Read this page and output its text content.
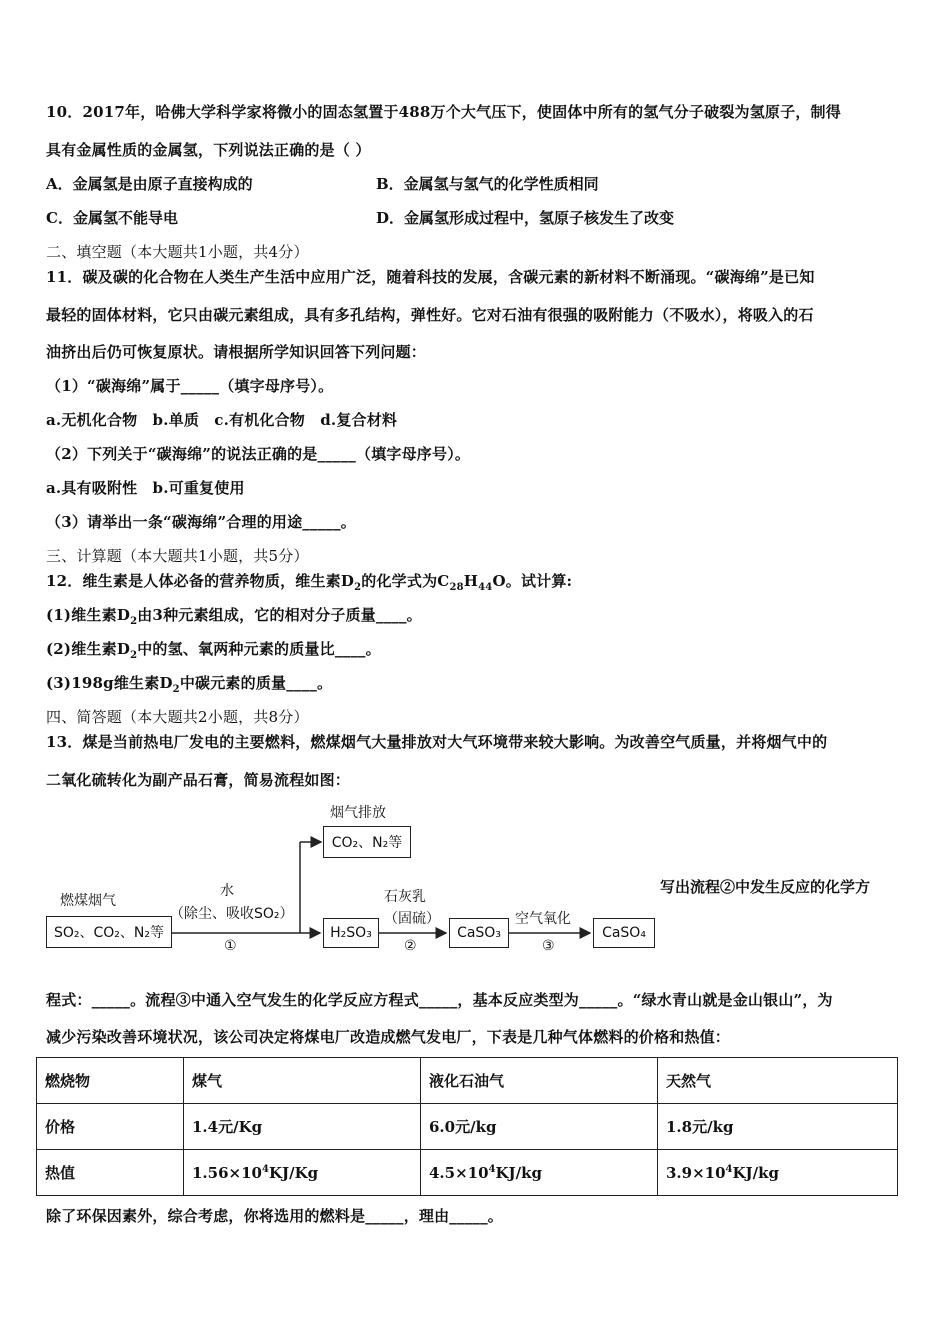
10．2017年，哈佛大学科学家将微小的固态氢置于488万个大气压下，使固体中所有的氢气分子破裂为氢原子，制得
具有金属性质的金属氢，下列说法正确的是（ ）
A．金属氢是由原子直接构成的	B．金属氢与氢气的化学性质相同
C．金属氢不能导电	D．金属氢形成过程中，氢原子核发生了改变
二、填空题（本大题共1小题，共4分）
11．碳及碳的化合物在人类生产生活中应用广泛，随着科技的发展，含碳元素的新材料不断涌现。“碳海绵”是已知
最轻的固体材料，它只由碳元素组成，具有多孔结构，弹性好。它对石油有很强的吸附能力（不吸水），将吸入的石
油挤出后仍可恢复原状。请根据所学知识回答下列问题：
（1）“碳海绵”属于_____（填字母序号）。
a.无机化合物　b.单质　c.有机化合物　d.复合材料
（2）下列关于“碳海绵”的说法正确的是_____（填字母序号）。
a.具有吸附性　b.可重复使用
（3）请举出一条“碳海绵”合理的用途_____。
三、计算题（本大题共1小题，共5分）
12．维生素是人体必备的营养物质，维生素$D_2$的化学式为$C_{28}H_{44}O$。试计算:
(1)维生素$D_2$由3种元素组成，它的相对分子质量____。
(2)维生素$D_2$中的氢、氧两种元素的质量比____。
(3)198g维生素$D_2$中碳元素的质量____。
四、简答题（本大题共2小题，共8分）
13．煤是当前热电厂发电的主要燃料，燃煤烟气大量排放对大气环境带来较大影响。为改善空气质量，并将烟气中的
二氧化硫转化为副产品石膏，简易流程如图：
烟气排放
CO₂、N₂等
燃煤烟气
SO₂、CO₂、N₂等
水
（除尘、吸收SO₂）
①
H₂SO₃
石灰乳
（固硫）
②
CaSO₃
空气氧化
③
CaSO₄
写出流程②中发生反应的化学方
程式：_____。流程③中通入空气发生的化学反应方程式_____，基本反应类型为_____。“绿水青山就是金山银山”，为
减少污染改善环境状况，该公司决定将煤电厂改造成燃气发电厂，下表是几种气体燃料的价格和热值：
燃烧物	煤气	液化石油气	天然气
价格	1.4元/Kg	6.0元/kg	1.8元/kg
热值	$1.56\times 10^4KJ/Kg$	$4.5\times 10^4KJ/kg$	$3.9\times 10^4KJ/kg$
除了环保因素外，综合考虑，你将选用的燃料是_____，理由_____。
